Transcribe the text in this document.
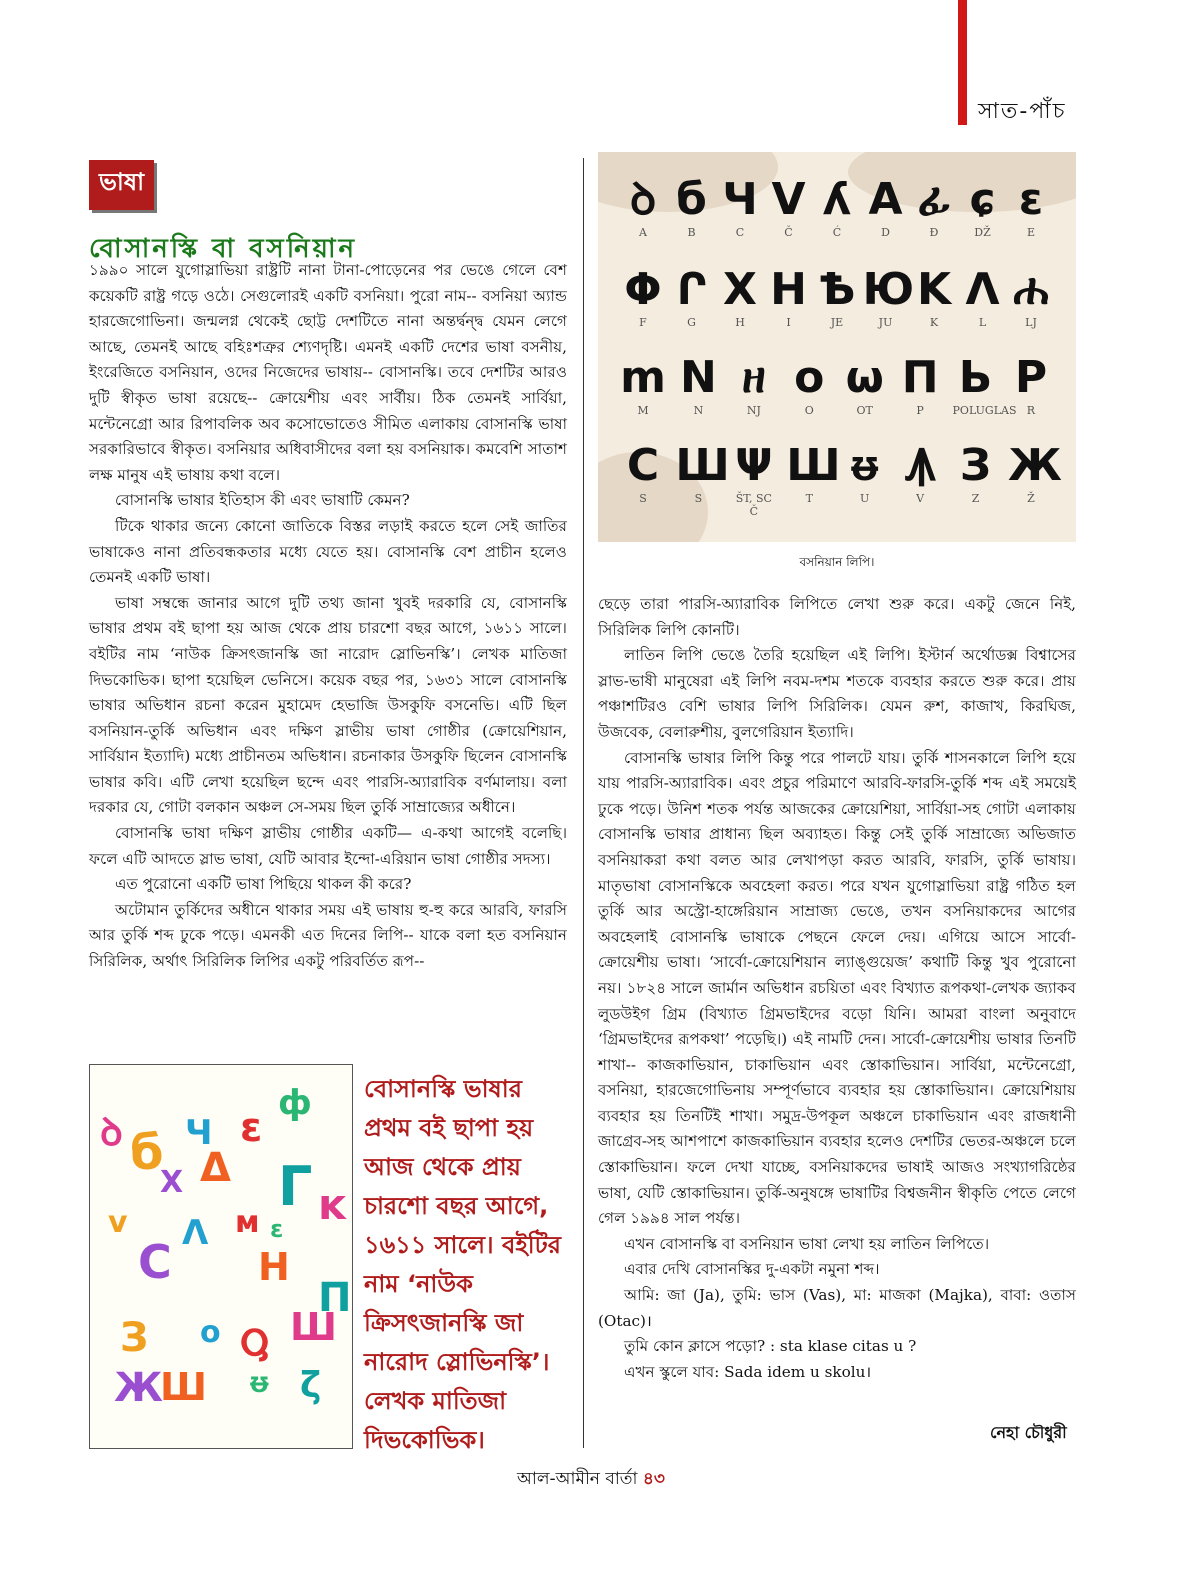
সাত-পাঁচ
ভাষা
বোসানস্কি বা বসনিয়ান

১৯৯০ সালে যুগোস্লাভিয়া রাষ্ট্রটি নানা টানা-পোড়েনের পর ভেঙে গেলে বেশ কয়েকটি রাষ্ট্র গড়ে ওঠে। সেগুলোরই একটি বসনিয়া। পুরো নাম-- বসনিয়া অ্যান্ড হারজেগোভিনা। জন্মলগ্ন থেকেই ছোট্ট দেশটিতে নানা অন্তর্দ্বন্দ্ব যেমন লেগে আছে, তেমনই আছে বহিঃশত্রুর শ্যেণদৃষ্টি। এমনই একটি দেশের ভাষা বসনীয়, ইংরেজিতে বসনিয়ান, ওদের নিজেদের ভাষায়-- বোসানস্কি। তবে দেশটির আরও দুটি স্বীকৃত ভাষা রয়েছে-- ক্রোয়েশীয় এবং সার্বীয়। ঠিক তেমনই সার্বিয়া, মন্টেনেগ্রো আর রিপাবলিক অব কসোভোতেও সীমিত এলাকায় বোসানস্কি ভাষা সরকারিভাবে স্বীকৃত। বসনিয়ার অধিবাসীদের বলা হয় বসনিয়াক। কমবেশি সাতাশ লক্ষ মানুষ এই ভাষায় কথা বলে।

বোসানস্কি ভাষার ইতিহাস কী এবং ভাষাটি কেমন?

টিকে থাকার জন্যে কোনো জাতিকে বিস্তর লড়াই করতে হলে সেই জাতির ভাষাকেও নানা প্রতিবন্ধকতার মধ্যে যেতে হয়। বোসানস্কি বেশ প্রাচীন হলেও তেমনই একটি ভাষা।

ভাষা সম্বন্ধে জানার আগে দুটি তথ্য জানা খুবই দরকারি যে, বোসানস্কি ভাষার প্রথম বই ছাপা হয় আজ থেকে প্রায় চারশো বছর আগে, ১৬১১ সালে। বইটির নাম ‘নাউক ক্রিসৎজানস্কি জা নারোদ স্লোভিনস্কি’। লেখক মাতিজা দিভকোভিক। ছাপা হয়েছিল ভেনিসে। কয়েক বছর পর, ১৬৩১ সালে বোসানস্কি ভাষার অভিধান রচনা করেন মুহামেদ হেভাজি উসকুফি বসনেভি। এটি ছিল বসনিয়ান-তুর্কি অভিধান এবং দক্ষিণ স্লাভীয় ভাষা গোষ্ঠীর (ক্রোয়েশিয়ান, সার্বিয়ান ইত্যাদি) মধ্যে প্রাচীনতম অভিধান। রচনাকার উসকুফি ছিলেন বোসানস্কি ভাষার কবি। এটি লেখা হয়েছিল ছন্দে এবং পারসি-অ্যারাবিক বর্ণমালায়। বলা দরকার যে, গোটা বলকান অঞ্চল সে-সময় ছিল তুর্কি সাম্রাজ্যের অধীনে।

বোসানস্কি ভাষা দক্ষিণ স্লাভীয় গোষ্ঠীর একটি— এ-কথা আগেই বলেছি। ফলে এটি আদতে স্লাভ ভাষা, যেটি আবার ইন্দো-এরিয়ান ভাষা গোষ্ঠীর সদস্য।

এত পুরোনো একটি ভাষা পিছিয়ে থাকল কী করে?

অটোমান তুর্কিদের অধীনে থাকার সময় এই ভাষায় হু-হু করে আরবি, ফারসি আর তুর্কি শব্দ ঢুকে পড়ে। এমনকী এত দিনের লিপি-- যাকে বলা হত বসনিয়ান সিরিলিক, অর্থাৎ সিরিলিক লিপির একটু পরিবর্তিত রূপ--

ꝺ
A
б
B
Ч
C
V
Č
ʎ
Ć
A
D
ፊ
Đ
ɕ
DŽ
ɛ
E
Φ
F
Ր
G
X
H
Н
I
Ѣ
JE
Ю
JU
K
K
Λ
L
ሐ
LJ
m
M
N
N
ዘ
NJ
o
O
ω
OT
П
P
Ь
POLUGLAS
P
R
C
S
Ш
S
Ψ
ŠT, SC Č
Ш
T
ᵿ
U
Ꙟ
V
З
Z
Ж
Ž
বসনিয়ান লিপি।

ছেড়ে তারা পারসি-অ্যারাবিক লিপিতে লেখা শুরু করে। একটু জেনে নিই, সিরিলিক লিপি কোনটি।

লাতিন লিপি ভেঙে তৈরি হয়েছিল এই লিপি। ইস্টার্ন অর্থোডক্স বিশ্বাসের স্লাভ-ভাষী মানুষেরা এই লিপি নবম-দশম শতকে ব্যবহার করতে শুরু করে। প্রায় পঞ্চাশটিরও বেশি ভাষার লিপি সিরিলিক। যেমন রুশ, কাজাখ, কিরঘিজ, উজবেক, বেলারুশীয়, বুলগেরিয়ান ইত্যাদি।

বোসানস্কি ভাষার লিপি কিন্তু পরে পালটে যায়। তুর্কি শাসনকালে লিপি হয়ে যায় পারসি-অ্যারাবিক। এবং প্রচুর পরিমাণে আরবি-ফারসি-তুর্কি শব্দ এই সময়েই ঢুকে পড়ে। উনিশ শতক পর্যন্ত আজকের ক্রোয়েশিয়া, সার্বিয়া-সহ গোটা এলাকায় বোসানস্কি ভাষার প্রাধান্য ছিল অব্যাহত। কিন্তু সেই তুর্কি সাম্রাজ্যে অভিজাত বসনিয়াকরা কথা বলত আর লেখাপড়া করত আরবি, ফারসি, তুর্কি ভাষায়। মাতৃভাষা বোসানস্কিকে অবহেলা করত। পরে যখন যুগোস্লাভিয়া রাষ্ট্র গঠিত হল তুর্কি আর অস্ট্রো-হাঙ্গেরিয়ান সাম্রাজ্য ভেঙে, তখন বসনিয়াকদের আগের অবহেলাই বোসানস্কি ভাষাকে পেছনে ফেলে দেয়। এগিয়ে আসে সার্বো-ক্রোয়েশীয় ভাষা। ‘সার্বো-ক্রোয়েশিয়ান ল্যাঙ্গুয়েজ’ কথাটি কিন্তু খুব পুরোনো নয়। ১৮২৪ সালে জার্মান অভিধান রচয়িতা এবং বিখ্যাত রূপকথা-লেখক জ্যাকব লুডউইগ গ্রিম (বিখ্যাত গ্রিমভাইদের বড়ো যিনি। আমরা বাংলা অনুবাদে ‘গ্রিমভাইদের রূপকথা’ পড়েছি।) এই নামটি দেন। সার্বো-ক্রোয়েশীয় ভাষার তিনটি শাখা-- কাজকাভিয়ান, চাকাভিয়ান এবং স্তোকাভিয়ান। সার্বিয়া, মন্টেনেগ্রো, বসনিয়া, হারজেগোভিনায় সম্পূর্ণভাবে ব্যবহার হয় স্তোকাভিয়ান। ক্রোয়েশিয়ায় ব্যবহার হয় তিনটিই শাখা। সমুদ্র-উপকূল অঞ্চলে চাকাভিয়ান এবং রাজধানী জাগ্রেব-সহ আশপাশে কাজকাভিয়ান ব্যবহার হলেও দেশটির ভেতর-অঞ্চলে চলে স্তোকাভিয়ান। ফলে দেখা যাচ্ছে, বসনিয়াকদের ভাষাই আজও সংখ্যাগরিষ্ঠের ভাষা, যেটি স্তোকাভিয়ান। তুর্কি-অনুষঙ্গে ভাষাটির বিশ্বজনীন স্বীকৃতি পেতে লেগে গেল ১৯৯৪ সাল পর্যন্ত।

এখন বোসানস্কি বা বসনিয়ান ভাষা লেখা হয় লাতিন লিপিতে।

এবার দেখি বোসানস্কির দু-একটা নমুনা শব্দ।

আমি: জা (Ja), তুমি: ভাস (Vas), মা: মাজকা (Majka), বাবা: ওতাস (Otac)।

তুমি কোন ক্লাসে পড়ো? : sta klase citas u ?

এখন স্কুলে যাব: Sada idem u skolu।

ꝺ б Ч ɛ
ф
X Δ Г ĸ
v Λ м ɛ
C H
П
Ш
З o Ⴓ
ᵿ
Ж
Ш	ζ
বোসানস্কি ভাষার প্রথম বই ছাপা হয় আজ থেকে প্রায় চারশো বছর আগে, ১৬১১ সালে। বইটির নাম ‘নাউক ক্রিসৎজানস্কি জা নারোদ স্লোভিনস্কি’। লেখক মাতিজা দিভকোভিক।	নেহা চৌধুরী
আল-আমীন বার্তা ৪৩
